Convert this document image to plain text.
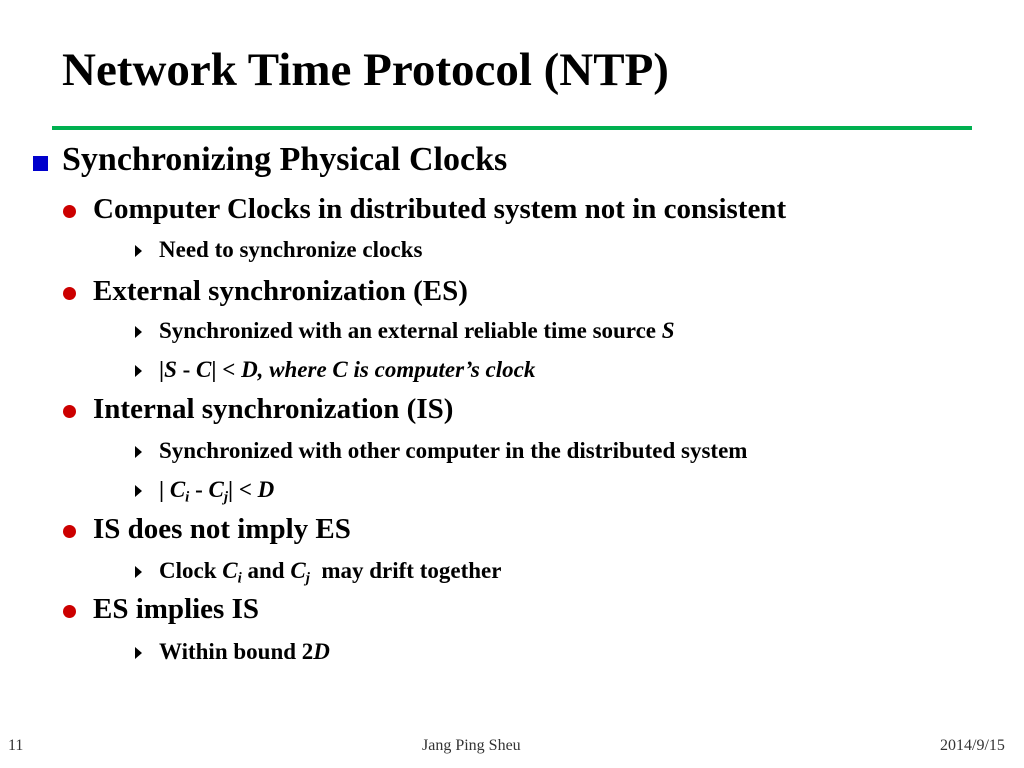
Network Time Protocol (NTP)
Synchronizing Physical Clocks
Computer Clocks in distributed system not in consistent
Need to synchronize clocks
External synchronization (ES)
Synchronized with an external reliable time source S
|S - C| < D, where C is computer’s clock
Internal synchronization (IS)
Synchronized with other computer in the distributed system
| $C_i - C_j| < D$
IS does not imply ES
Clock $C_i$ and $C_j$  may drift together
ES implies IS
Within bound 2D
11	Jang Ping Sheu	2014/9/15
